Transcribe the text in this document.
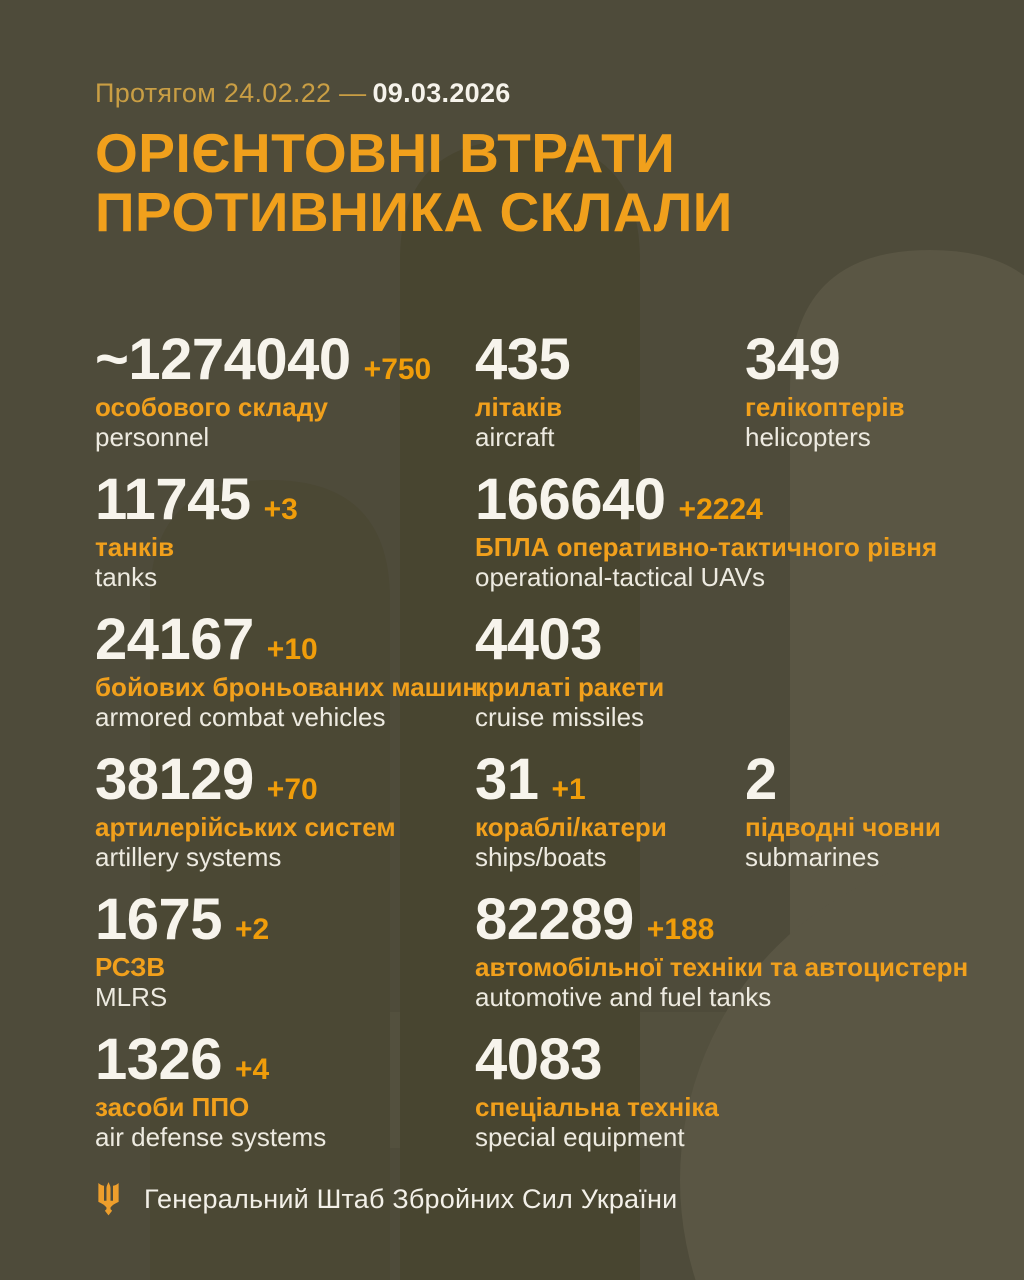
Протягом 24.02.22 — 09.03.2026
ОРІЄНТОВНІ ВТРАТИ
ПРОТИВНИКА СКЛАЛИ
~1274040 +750
особового складу
personnel
435
літаків
aircraft
349
гелікоптерів
helicopters
11745 +3
танків
tanks
166640 +2224
БПЛА оперативно-тактичного рівня
operational-tactical UAVs
24167 +10
бойових броньованих машин
armored combat vehicles
4403
крилаті ракети
cruise missiles
38129 +70
артилерійських систем
artillery systems
31 +1
кораблі/катери
ships/boats
2
підводні човни
submarines
1675 +2
РСЗВ
MLRS
82289 +188
автомобільної техніки та автоцистерн
automotive and fuel tanks
1326 +4
засоби ППО
air defense systems
4083
спеціальна техніка
special equipment
Генеральний Штаб Збройних Сил України
